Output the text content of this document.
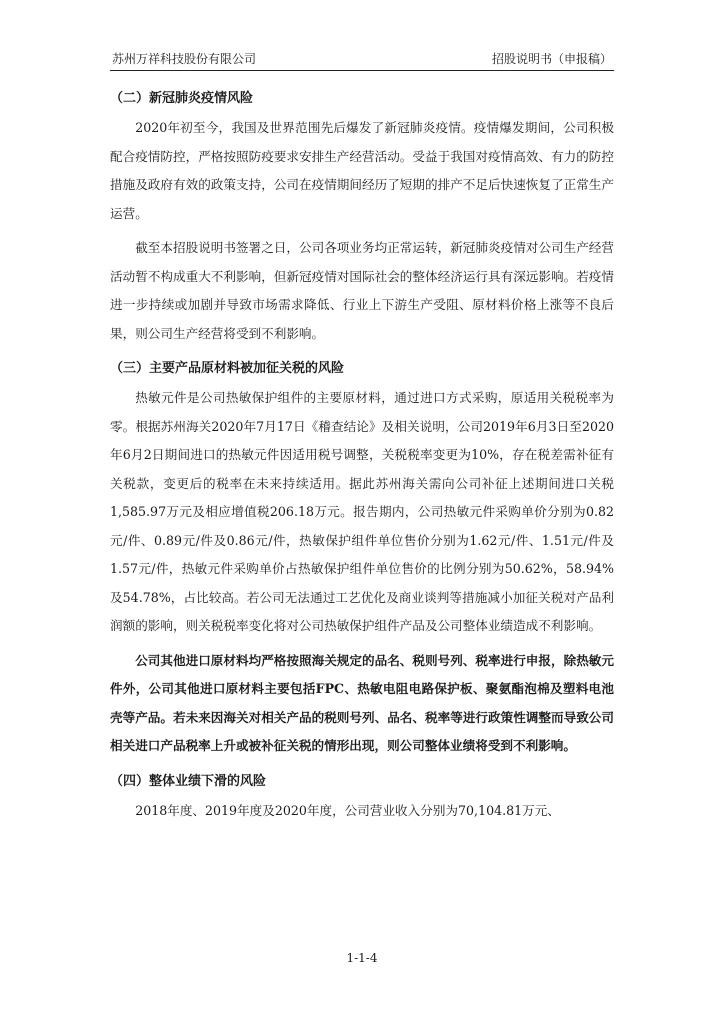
苏州万祥科技股份有限公司	招股说明书（申报稿）
（二）新冠肺炎疫情风险

2020年初至今，我国及世界范围先后爆发了新冠肺炎疫情。疫情爆发期间，公司积极配合疫情防控，严格按照防疫要求安排生产经营活动。受益于我国对疫情高效、有力的防控措施及政府有效的政策支持，公司在疫情期间经历了短期的排产不足后快速恢复了正常生产运营。

截至本招股说明书签署之日，公司各项业务均正常运转，新冠肺炎疫情对公司生产经营活动暂不构成重大不利影响，但新冠疫情对国际社会的整体经济运行具有深远影响。若疫情进一步持续或加剧并导致市场需求降低、行业上下游生产受阻、原材料价格上涨等不良后果，则公司生产经营将受到不利影响。

（三）主要产品原材料被加征关税的风险

热敏元件是公司热敏保护组件的主要原材料，通过进口方式采购，原适用关税税率为零。根据苏州海关2020年7月17日《稽查结论》及相关说明，公司2019年6月3日至2020年6月2日期间进口的热敏元件因适用税号调整，关税税率变更为10%，存在税差需补征有关税款，变更后的税率在未来持续适用。据此苏州海关需向公司补征上述期间进口关税1,585.97万元及相应增值税206.18万元。报告期内，公司热敏元件采购单价分别为0.82元/件、0.89元/件及0.86元/件，热敏保护组件单位售价分别为1.62元/件、1.51元/件及1.57元/件，热敏元件采购单价占热敏保护组件单位售价的比例分别为50.62%，58.94%及54.78%，占比较高。若公司无法通过工艺优化及商业谈判等措施减小加征关税对产品利润额的影响，则关税税率变化将对公司热敏保护组件产品及公司整体业绩造成不利影响。

公司其他进口原材料均严格按照海关规定的品名、税则号列、税率进行申报，除热敏元件外，公司其他进口原材料主要包括FPC、热敏电阻电路保护板、聚氨酯泡棉及塑料电池壳等产品。若未来因海关对相关产品的税则号列、品名、税率等进行政策性调整而导致公司相关进口产品税率上升或被补征关税的情形出现，则公司整体业绩将受到不利影响。

（四）整体业绩下滑的风险

2018年度、2019年度及2020年度，公司营业收入分别为70,104.81万元、

1-1-4
